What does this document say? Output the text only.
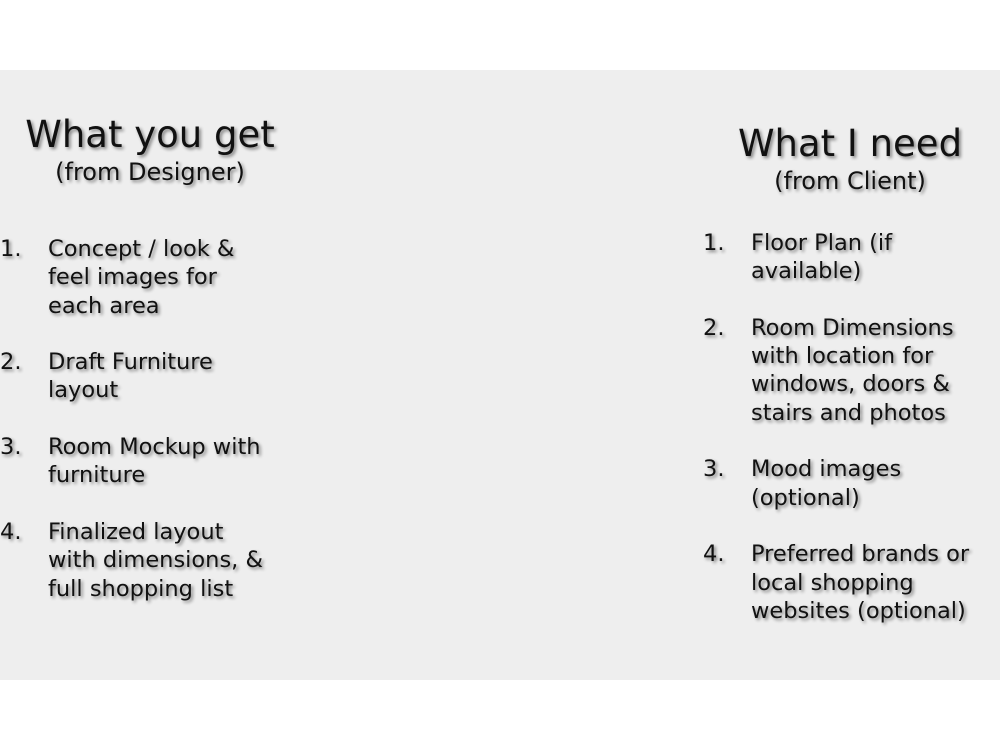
What you get
(from Designer)
1. Concept / look &
feel images for
each area
2. Draft Furniture
layout
3. Room Mockup with
furniture
4. Finalized layout
with dimensions, &
full shopping list
What I need
(from Client)
1. Floor Plan (if
available)
2. Room Dimensions
with location for
windows, doors &
stairs and photos
3. Mood images
(optional)
4. Preferred brands or
local shopping
websites (optional)
